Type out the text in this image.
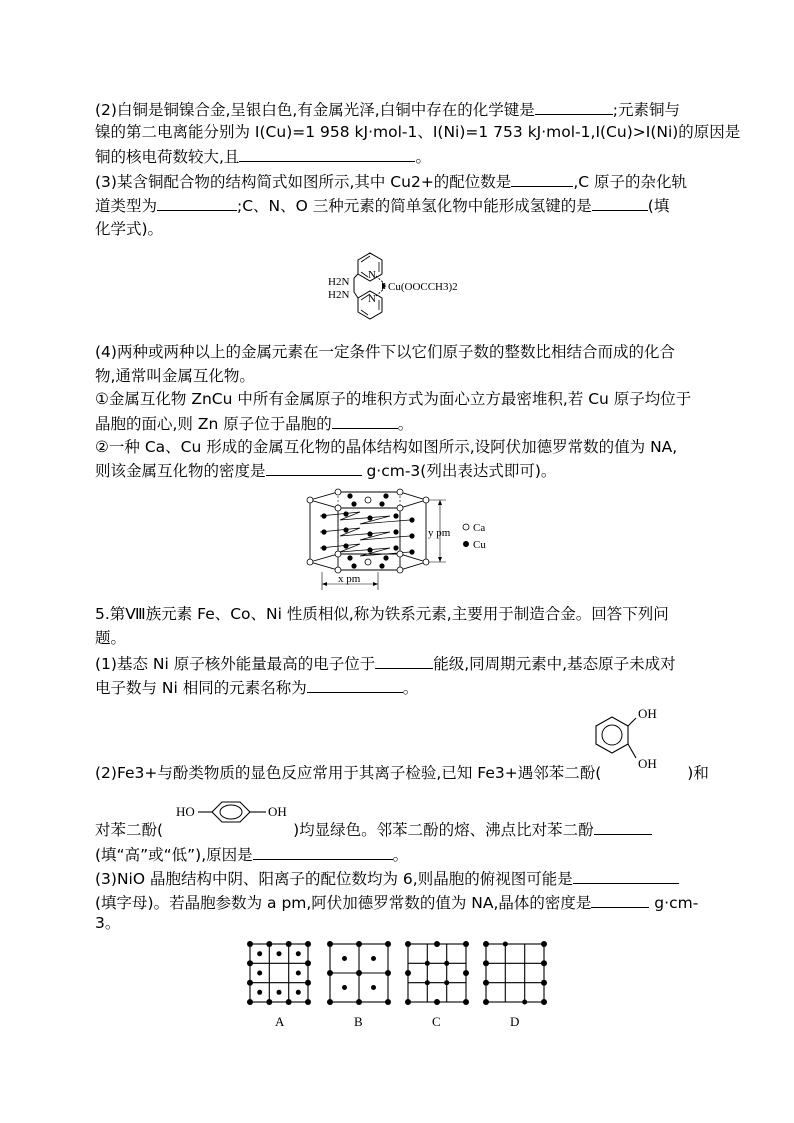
(2)白铜是铜镍合金,呈银白色,有金属光泽,白铜中存在的化学键是	;元素铜与
镍的第二电离能分别为 I(Cu)=1 958 kJ·mol-1、I(Ni)=1 753 kJ·mol-1,I(Cu)>I(Ni)的原因是
铜的核电荷数较大,且	。
(3)某含铜配合物的结构简式如图所示,其中 Cu2+的配位数是	,C 原子的杂化轨
道类型为	;C、N、O 三种元素的简单氢化物中能形成氢键的是	(填
化学式)。
H2N
H2N
N
N
Cu(OOCCH3)2
(4)两种或两种以上的金属元素在一定条件下以它们原子数的整数比相结合而成的化合
物,通常叫金属互化物。
①金属互化物 ZnCu 中所有金属原子的堆积方式为面心立方最密堆积,若 Cu 原子均位于
晶胞的面心,则 Zn 原子位于晶胞的	。
②一种 Ca、Cu 形成的金属互化物的晶体结构如图所示,设阿伏加德罗常数的值为 NA,
则该金属互化物的密度是	g·cm-3(列出表达式即可)。
y pm Ca
Cu
x pm
5.第Ⅷ族元素 Fe、Co、Ni 性质相似,称为铁系元素,主要用于制造合金。回答下列问
题。
(1)基态 Ni 原子核外能量最高的电子位于	能级,同周期元素中,基态原子未成对
电子数与 Ni 相同的元素名称为	。
OH
OH
(2)Fe3+与酚类物质的显色反应常用于其离子检验,已知 Fe3+遇邻苯二酚(	)和
HO	OH
对苯二酚(	)均显绿色。邻苯二酚的熔、沸点比对苯二酚
(填“高”或“低”),原因是	。
(3)NiO 晶胞结构中阴、阳离子的配位数均为 6,则晶胞的俯视图可能是
(填字母)。若晶胞参数为 a pm,阿伏加德罗常数的值为 NA,晶体的密度是	g·cm-
3。
A	B	C	D
